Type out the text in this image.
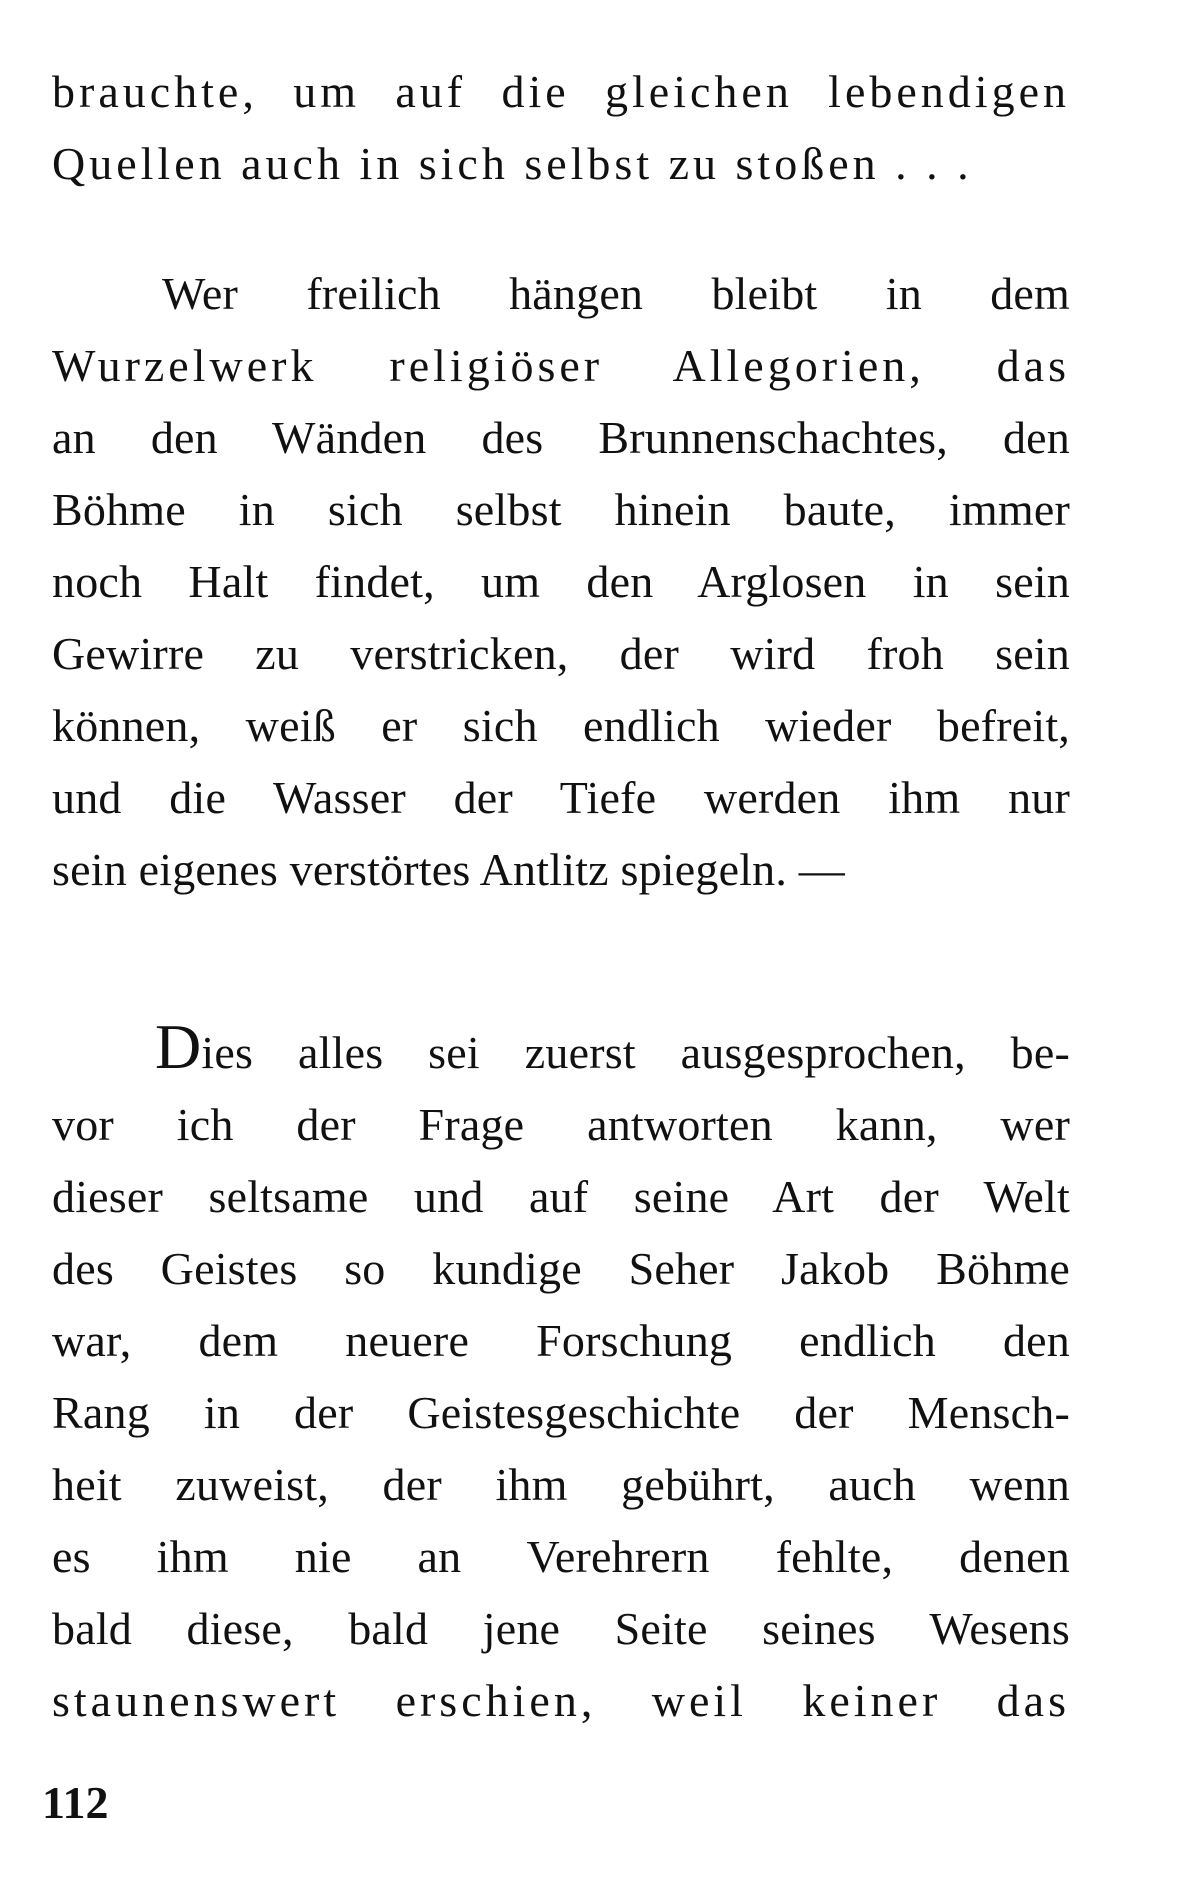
brauchte, um auf die gleichen lebendigen
Quellen auch in sich selbst zu stoßen . . .
Wer freilich hängen bleibt in dem
Wurzelwerk religiöser Allegorien, das
an den Wänden des Brunnenschachtes, den
Böhme in sich selbst hinein baute, immer
noch Halt findet, um den Arglosen in sein
Gewirre zu verstricken, der wird froh sein
können, weiß er sich endlich wieder befreit,
und die Wasser der Tiefe werden ihm nur
sein eigenes verstörtes Antlitz spiegeln. —
Dies alles sei zuerst ausgesprochen, be-
vor ich der Frage antworten kann, wer
dieser seltsame und auf seine Art der Welt
des Geistes so kundige Seher Jakob Böhme
war, dem neuere Forschung endlich den
Rang in der Geistesgeschichte der Mensch-
heit zuweist, der ihm gebührt, auch wenn
es ihm nie an Verehrern fehlte, denen
bald diese, bald jene Seite seines Wesens
staunenswert erschien, weil keiner das
112
